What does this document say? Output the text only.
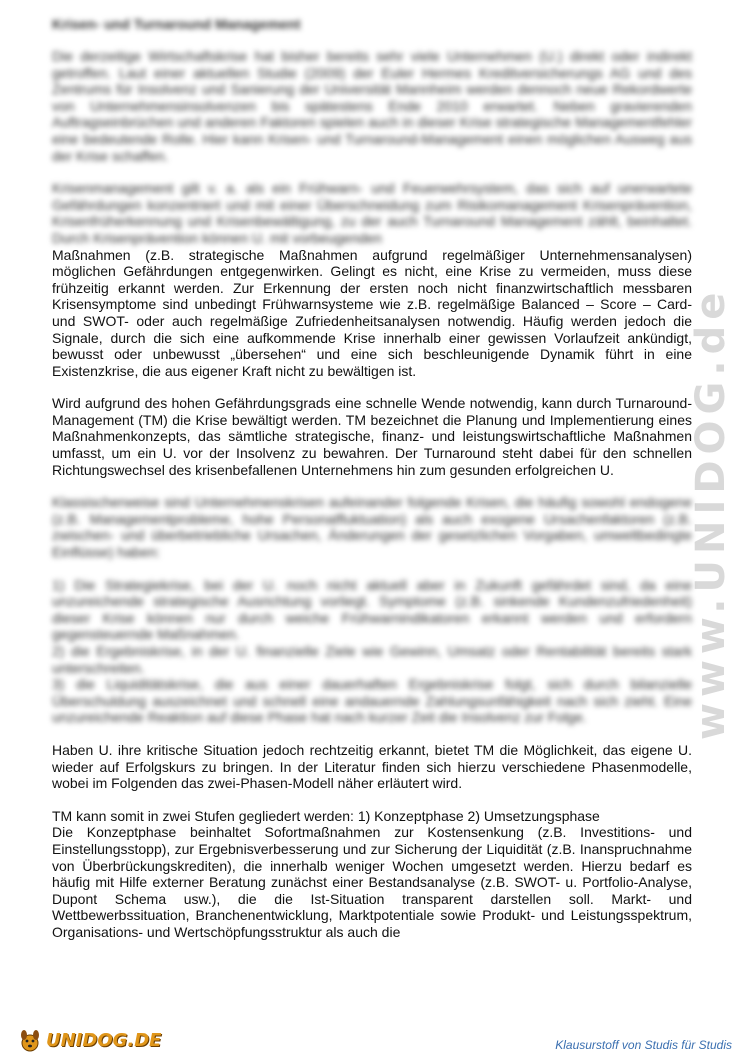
www.UNIDOG.de
Krisen- und Turnaround Management

Die derzeitige Wirtschaftskrise hat bisher bereits sehr viele Unternehmen (U.) direkt oder indirekt getroffen. Laut einer aktuellen Studie (2009) der Euler Hermes Kreditversicherungs AG und des Zentrums für Insolvenz und Sanierung der Universität Mannheim werden dennoch neue Rekordwerte von Unternehmensinsolvenzen bis spätestens Ende 2010 erwartet. Neben gravierenden Auftragseinbrüchen und anderen Faktoren spielen auch in dieser Krise strategische Managementfehler eine bedeutende Rolle. Hier kann Krisen- und Turnaround-Management einen möglichen Ausweg aus der Krise schaffen.

Krisenmanagement gilt v. a. als ein Frühwarn- und Feuerwehrsystem, das sich auf unerwartete Gefährdungen konzentriert und mit einer Überschneidung zum Risikomanagement Krisenprävention, Krisenfrüherkennung und Krisenbewältigung, zu der auch Turnaround Management zählt, beinhaltet. Durch Krisenprävention können U. mit vorbeugenden

Maßnahmen (z.B. strategische Maßnahmen aufgrund regelmäßiger Unternehmensanalysen) möglichen Gefährdungen entgegenwirken. Gelingt es nicht, eine Krise zu vermeiden, muss diese frühzeitig erkannt werden. Zur Erkennung der ersten noch nicht finanzwirtschaftlich messbaren Krisensymptome sind unbedingt Frühwarnsysteme wie z.B. regelmäßige Balanced – Score – Card- und SWOT- oder auch regelmäßige Zufriedenheitsanalysen notwendig. Häufig werden jedoch die Signale, durch die sich eine aufkommende Krise innerhalb einer gewissen Vorlaufzeit ankündigt, bewusst oder unbewusst „übersehen“ und eine sich beschleunigende Dynamik führt in eine Existenzkrise, die aus eigener Kraft nicht zu bewältigen ist.

Wird aufgrund des hohen Gefährdungsgrads eine schnelle Wende notwendig, kann durch Turnaround-Management (TM) die Krise bewältigt werden. TM bezeichnet die Planung und Implementierung eines Maßnahmenkonzepts, das sämtliche strategische, finanz- und leistungswirtschaftliche Maßnahmen umfasst, um ein U. vor der Insolvenz zu bewahren. Der Turnaround steht dabei für den schnellen Richtungswechsel des krisenbefallenen Unternehmens hin zum gesunden erfolgreichen U.

Klassischerweise sind Unternehmenskrisen aufeinander folgende Krisen, die häufig sowohl endogene (z.B. Managementprobleme, hohe Personalfluktuation) als auch exogene Ursachenfaktoren (z.B. zwischen- und überbetriebliche Ursachen, Änderungen der gesetzlichen Vorgaben, umweltbedingte Einflüsse) haben:

1) Die Strategiekrise, bei der U. noch nicht aktuell aber in Zukunft gefährdet sind, da eine unzureichende strategische Ausrichtung vorliegt. Symptome (z.B. sinkende Kundenzufriedenheit) dieser Krise können nur durch weiche Frühwarnindikatoren erkannt werden und erfordern gegensteuernde Maßnahmen.

2) die Ergebniskrise, in der U. finanzielle Ziele wie Gewinn, Umsatz oder Rentabilität bereits stark unterschreiten.

3) die Liquiditätskrise, die aus einer dauerhaften Ergebniskrise folgt, sich durch bilanzielle Überschuldung auszeichnet und schnell eine andauernde Zahlungsunfähigkeit nach sich zieht. Eine unzureichende Reaktion auf diese Phase hat nach kurzer Zeit die Insolvenz zur Folge.

Haben U. ihre kritische Situation jedoch rechtzeitig erkannt, bietet TM die Möglichkeit, das eigene U. wieder auf Erfolgskurs zu bringen. In der Literatur finden sich hierzu verschiedene Phasenmodelle, wobei im Folgenden das zwei-Phasen-Modell näher erläutert wird.

TM kann somit in zwei Stufen gegliedert werden: 1) Konzeptphase 2) Umsetzungsphase

Die Konzeptphase beinhaltet Sofortmaßnahmen zur Kostensenkung (z.B. Investitions- und Einstellungsstopp), zur Ergebnisverbesserung und zur Sicherung der Liquidität (z.B. Inanspruchnahme von Überbrückungskrediten), die innerhalb weniger Wochen umgesetzt werden. Hierzu bedarf es häufig mit Hilfe externer Beratung zunächst einer Bestandsanalyse (z.B. SWOT- u. Portfolio-Analyse, Dupont Schema usw.), die die Ist-Situation transparent darstellen soll. Markt- und Wettbewerbssituation, Branchenentwicklung, Marktpotentiale sowie Produkt- und Leistungsspektrum, Organisations- und Wertschöpfungsstruktur als auch die

UNIDOG.DE	Klausurstoff von Studis für Studis
